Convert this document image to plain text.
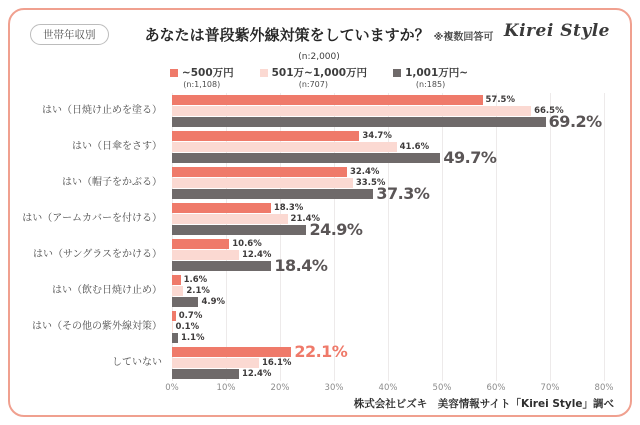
世帯年収別	あなたは普段紫外線対策をしていますか？ ※複数回答可 Kirei Style
(n:2,000)
~500万円
(n:1,108)
501万~1,000万円
(n:707)
1,001万円~
(n:185)
はい（日焼け止めを塗る）
57.5%
66.5%
69.2%
はい（日傘をさす）
34.7%
41.6%
49.7%
はい（帽子をかぶる）
32.4%
33.5%
37.3%
はい（アームカバーを付ける）
18.3%
21.4%
24.9%
はい（サングラスをかける）
10.6%
12.4%
18.4%
はい（飲む日焼け止め）
1.6%
2.1%
4.9%
はい（その他の紫外線対策）
0.7%
0.1%
1.1%
していない
22.1%
16.1%
12.4%
0%	10%	20%	30%	40%	50%	60%	70%	80%
株式会社ビズキ　美容情報サイト「Kirei Style」調べ
